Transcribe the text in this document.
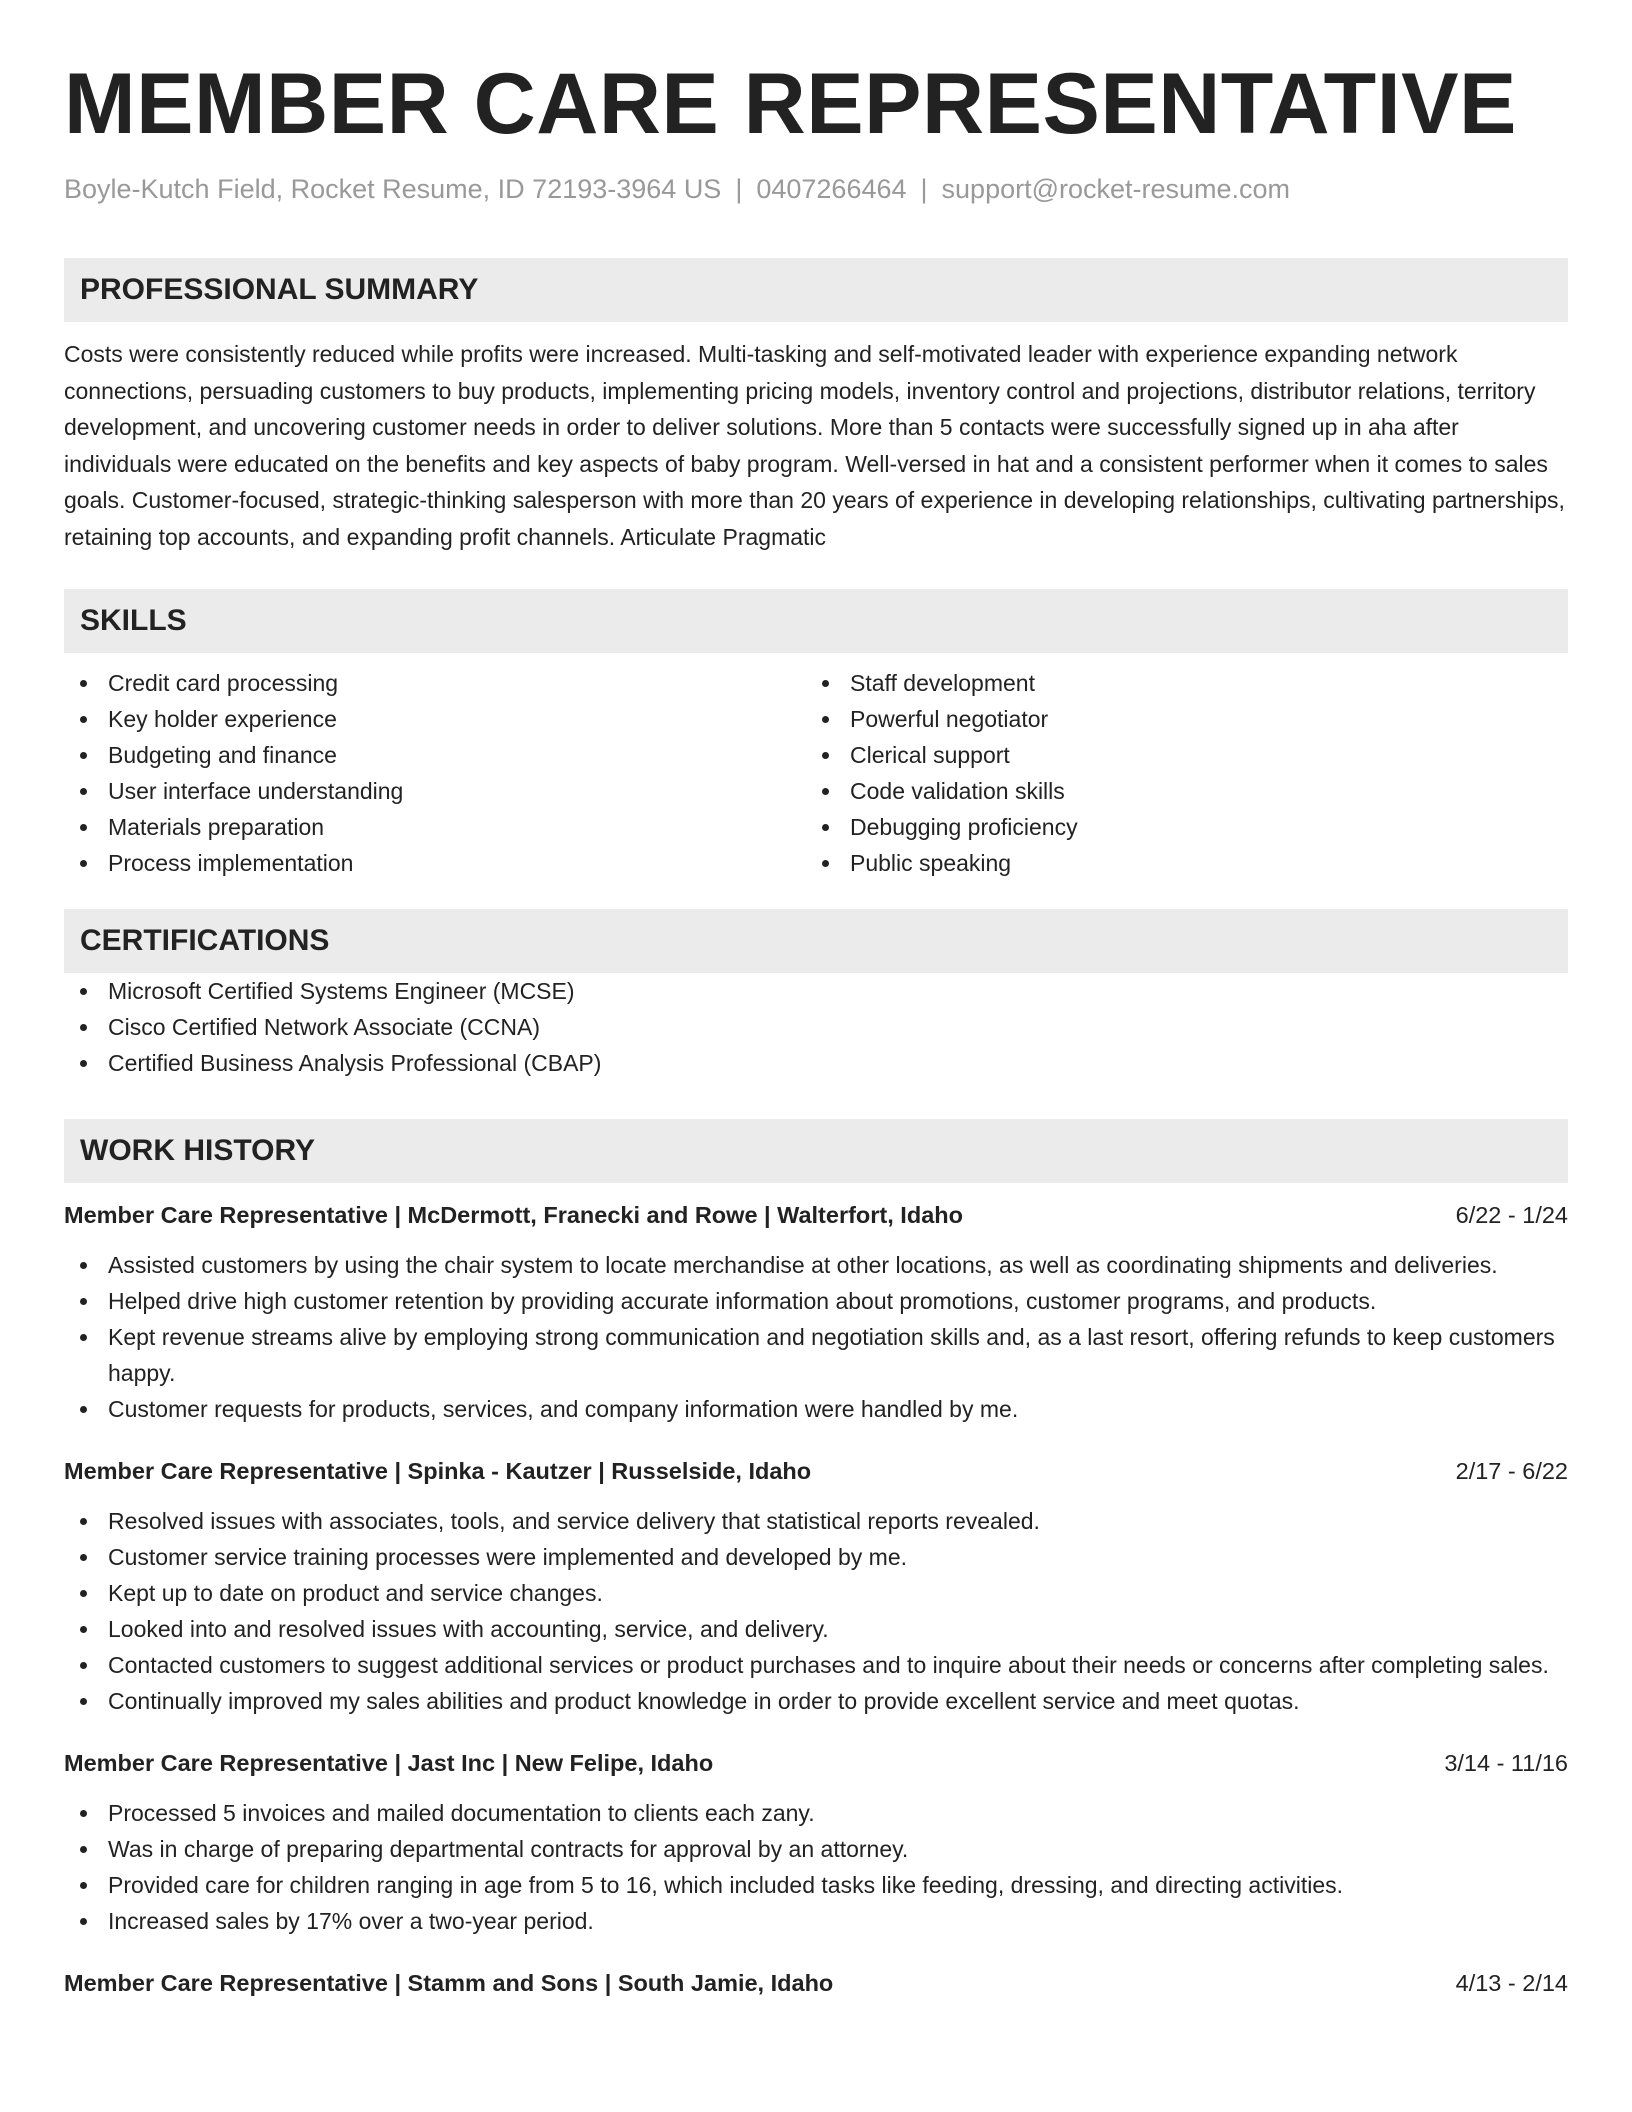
MEMBER CARE REPRESENTATIVE
Boyle-Kutch Field, Rocket Resume, ID 72193-3964 US | 0407266464 | support@rocket-resume.com
PROFESSIONAL SUMMARY
Costs were consistently reduced while profits were increased. Multi-tasking and self-motivated leader with experience expanding network connections, persuading customers to buy products, implementing pricing models, inventory control and projections, distributor relations, territory development, and uncovering customer needs in order to deliver solutions. More than 5 contacts were successfully signed up in aha after individuals were educated on the benefits and key aspects of baby program. Well-versed in hat and a consistent performer when it comes to sales goals. Customer-focused, strategic-thinking salesperson with more than 20 years of experience in developing relationships, cultivating partnerships, retaining top accounts, and expanding profit channels. Articulate Pragmatic
SKILLS
Credit card processing
Key holder experience
Budgeting and finance
User interface understanding
Materials preparation
Process implementation
Staff development
Powerful negotiator
Clerical support
Code validation skills
Debugging proficiency
Public speaking
CERTIFICATIONS
Microsoft Certified Systems Engineer (MCSE)
Cisco Certified Network Associate (CCNA)
Certified Business Analysis Professional (CBAP)
WORK HISTORY
Member Care Representative | McDermott, Franecki and Rowe | Walterfort, Idaho	6/22 - 1/24
Assisted customers by using the chair system to locate merchandise at other locations, as well as coordinating shipments and deliveries.
Helped drive high customer retention by providing accurate information about promotions, customer programs, and products.
Kept revenue streams alive by employing strong communication and negotiation skills and, as a last resort, offering refunds to keep customers happy.
Customer requests for products, services, and company information were handled by me.
Member Care Representative | Spinka - Kautzer | Russelside, Idaho	2/17 - 6/22
Resolved issues with associates, tools, and service delivery that statistical reports revealed.
Customer service training processes were implemented and developed by me.
Kept up to date on product and service changes.
Looked into and resolved issues with accounting, service, and delivery.
Contacted customers to suggest additional services or product purchases and to inquire about their needs or concerns after completing sales.
Continually improved my sales abilities and product knowledge in order to provide excellent service and meet quotas.
Member Care Representative | Jast Inc | New Felipe, Idaho	3/14 - 11/16
Processed 5 invoices and mailed documentation to clients each zany.
Was in charge of preparing departmental contracts for approval by an attorney.
Provided care for children ranging in age from 5 to 16, which included tasks like feeding, dressing, and directing activities.
Increased sales by 17% over a two-year period.
Member Care Representative | Stamm and Sons | South Jamie, Idaho	4/13 - 2/14
